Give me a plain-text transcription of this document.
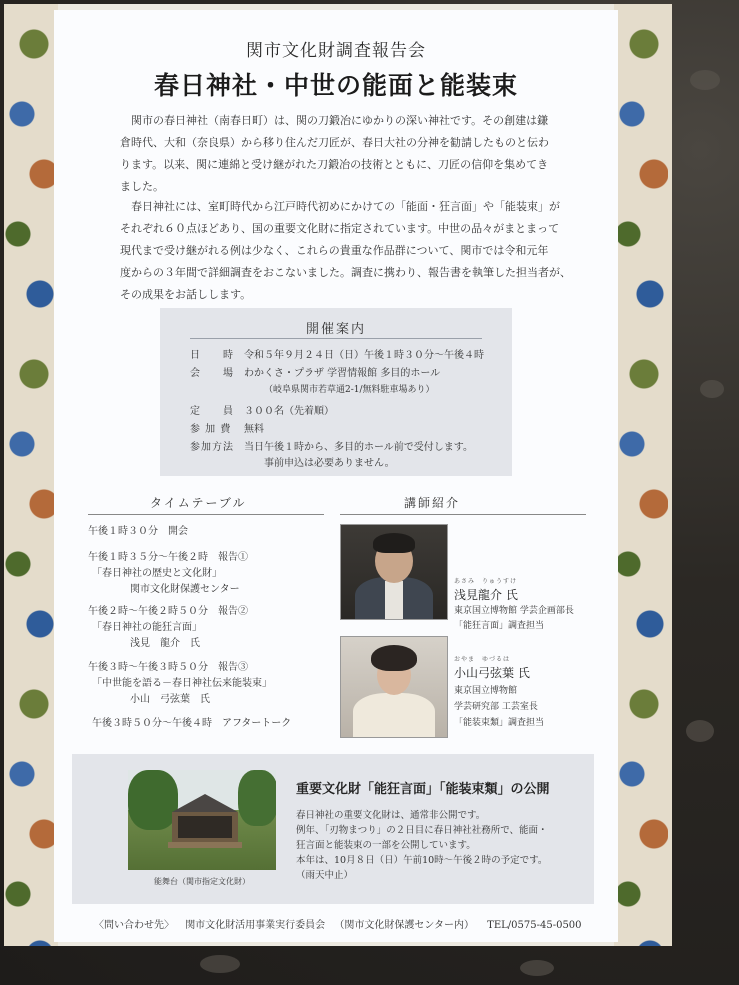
関市文化財調査報告会
春日神社・中世の能面と能装束
関市の春日神社（南春日町）は、関の刀鍛冶にゆかりの深い神社です。その創建は鎌
倉時代、大和（奈良県）から移り住んだ刀匠が、春日大社の分神を勧請したものと伝わ
ります。以来、関に連綿と受け継がれた刀鍛冶の技術とともに、刀匠の信仰を集めてき
ました。
春日神社には、室町時代から江戸時代初めにかけての「能面・狂言面」や「能装束」が
それぞれ６０点ほどあり、国の重要文化財に指定されています。中世の品々がまとまって
現代まで受け継がれる例は少なく、これらの貴重な作品群について、関市では令和元年
度からの３年間で詳細調査をおこないました。調査に携わり、報告書を執筆した担当者が、
その成果をお話しします。
開催案内
日　　時 令和５年９月２４日（日）午後１時３０分～午後４時
会　　場 わかくさ・プラザ 学習情報館 多目的ホール
（岐阜県関市若草通2-1/無料駐車場あり）
定　　員 ３００名（先着順）
参 加 費 無料
参加方法 当日午後１時から、多目的ホール前で受付します。
事前申込は必要ありません。
タイムテーブル
午後１時３０分　開会
午後１時３５分～午後２時　報告①
「春日神社の歴史と文化財」
関市文化財保護センター
午後２時～午後２時５０分　報告②
「春日神社の能狂言面」
浅見　龍介　氏
午後３時～午後３時５０分　報告③
「中世能を語る－春日神社伝来能装束」
小山　弓弦葉　氏
午後３時５０分～午後４時　アフタートーク
講師紹介
あさみ　りゅうすけ
浅見龍介 氏
東京国立博物館 学芸企画部長
「能狂言面」調査担当
おやま　ゆづるは
小山弓弦葉 氏
東京国立博物館
学芸研究部 工芸室長
「能装束類」調査担当
能舞台（関市指定文化財）
重要文化財「能狂言面」「能装束類」の公開
春日神社の重要文化財は、通常非公開です。
例年、「刃物まつり」の２日目に春日神社社務所で、能面・
狂言面と能装束の一部を公開しています。
本年は、10月８日（日）午前10時～午後２時の予定です。
（雨天中止）
〈問い合わせ先〉 関市文化財活用事業実行委員会 （関市文化財保護センター内） TEL/0575-45-0500
